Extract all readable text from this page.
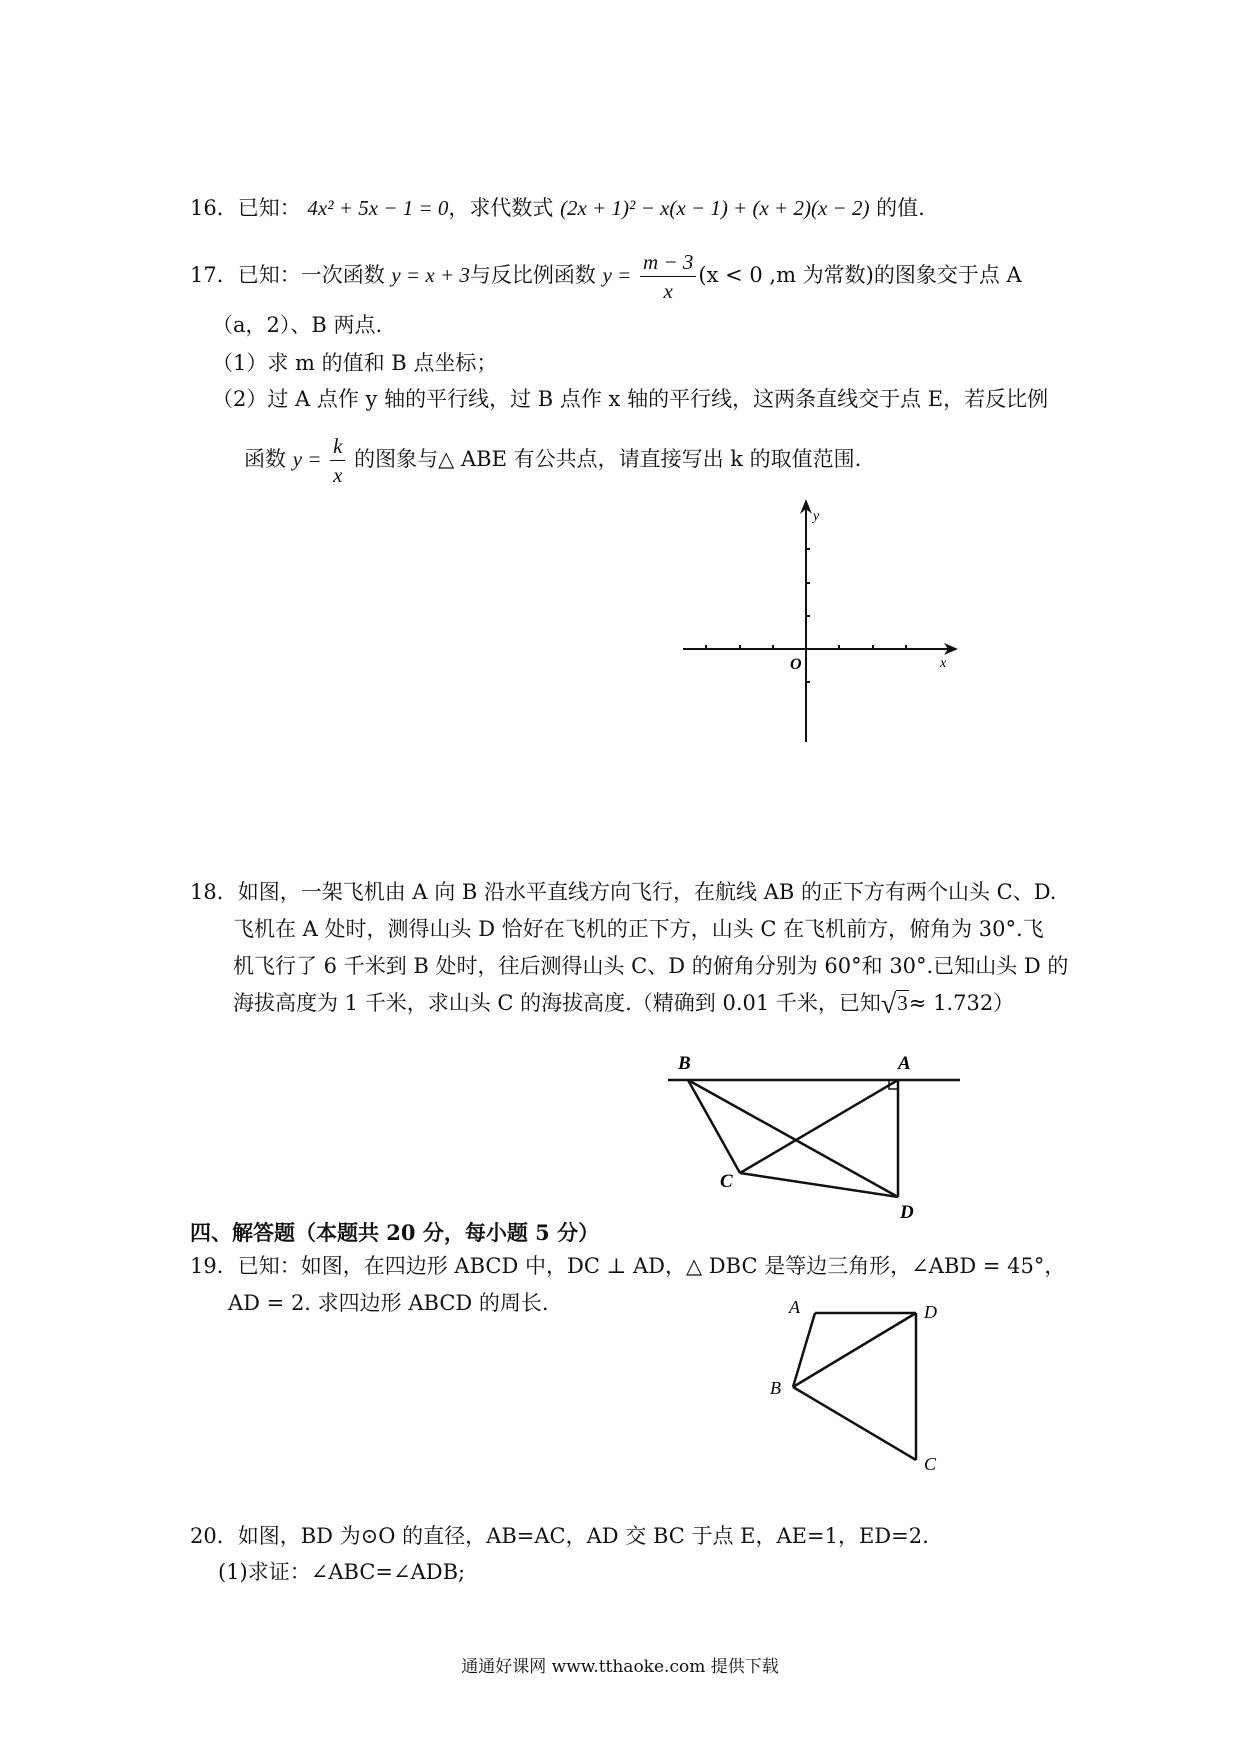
16．已知： 4x² + 5x − 1 = 0，求代数式 (2x + 1)² − x(x − 1) + (x + 2)(x − 2) 的值.
17．已知：一次函数 y = x + 3与反比例函数 $y = \frac{m - 3}{x} (x < 0$ ,m 为常数)的图象交于点 A
（a，2）、B 两点.
（1）求 m 的值和 B 点坐标；
（2）过 A 点作 y 轴的平行线，过 B 点作 x 轴的平行线，这两条直线交于点 E，若反比例
函数 $y = \frac{k}{x}$ 的图象与△ ABE 有公共点，请直接写出 k 的取值范围.
y
x
O
18．如图，一架飞机由 A 向 B 沿水平直线方向飞行，在航线 AB 的正下方有两个山头 C、D.
飞机在 A 处时，测得山头 D 恰好在飞机的正下方，山头 C 在飞机前方，俯角为 30°.飞
机飞行了 6 千米到 B 处时，往后测得山头 C、D 的俯角分别为 60°和 30°.已知山头 D 的
海拔高度为 1 千米，求山头 C 的海拔高度.（精确到 0.01 千米，已知√3≈ 1.732）
B	A
C
D
四、解答题（本题共 20 分，每小题 5 分）
19．已知：如图，在四边形 ABCD 中，DC ⊥ AD，△ DBC 是等边三角形，∠ABD = 45°，
AD = 2. 求四边形 ABCD 的周长.	A	D
B
C
20．如图，BD 为⊙O 的直径，AB=AC，AD 交 BC 于点 E，AE=1，ED=2.
(1)求证：∠ABC=∠ADB;
通通好课网 www.tthaoke.com 提供下载
